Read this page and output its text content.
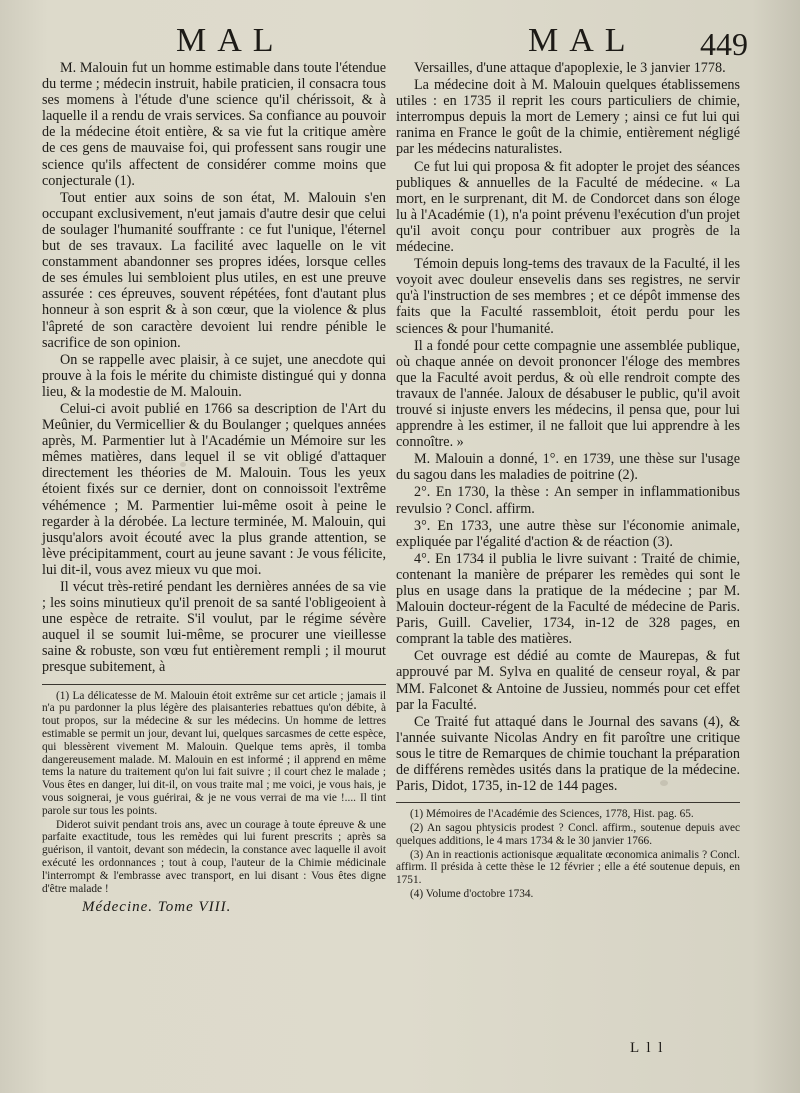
MAL	MAL 449

M. Malouin fut un homme estimable dans toute l'étendue du terme ; médecin instruit, habile praticien, il consacra tous ses momens à l'étude d'une science qu'il chérissoit, & à laquelle il a rendu de vrais services. Sa confiance au pouvoir de la médecine étoit entière, & sa vie fut la critique amère de ces gens de mauvaise foi, qui professent sans rougir une science qu'ils affectent de considérer comme moins que conjecturale (1).

Tout entier aux soins de son état, M. Malouin s'en occupant exclusivement, n'eut jamais d'autre desir que celui de soulager l'humanité souffrante : ce fut l'unique, l'éternel but de ses travaux. La facilité avec laquelle on le vit constamment abandonner ses propres idées, lorsque celles de ses émules lui sembloient plus utiles, en est une preuve assurée : ces épreuves, souvent répétées, font d'autant plus honneur à son esprit & à son cœur, que la violence & plus l'âpreté de son caractère devoient lui rendre pénible le sacrifice de son opinion.

On se rappelle avec plaisir, à ce sujet, une anecdote qui prouve à la fois le mérite du chimiste distingué qui y donna lieu, & la modestie de M. Malouin.

Celui-ci avoit publié en 1766 sa description de l'Art du Meûnier, du Vermicellier & du Boulanger ; quelques années après, M. Parmentier lut à l'Académie un Mémoire sur les mêmes matières, dans lequel il se vit obligé d'attaquer directement les théories de M. Malouin. Tous les yeux étoient fixés sur ce dernier, dont on connoissoit l'extrême véhémence ; M. Parmentier lui-même osoit à peine le regarder à la dérobée. La lecture terminée, M. Malouin, qui jusqu'alors avoit écouté avec la plus grande attention, se lève précipitamment, court au jeune savant : Je vous félicite, lui dit-il, vous avez mieux vu que moi.

Il vécut très-retiré pendant les dernières années de sa vie ; les soins minutieux qu'il prenoit de sa santé l'obligeoient à une espèce de retraite. S'il voulut, par le régime sévère auquel il se soumit lui-même, se procurer une vieillesse saine & robuste, son vœu fut entièrement rempli ; il mourut presque subitement, à

(1) La délicatesse de M. Malouin étoit extrême sur cet article ; jamais il n'a pu pardonner la plus légère des plaisanteries rebattues qu'on débite, à tout propos, sur la médecine & sur les médecins. Un homme de lettres estimable se permit un jour, devant lui, quelques sarcasmes de cette espèce, qui blessèrent vivement M. Malouin. Quelque tems après, il tomba dangereusement malade. M. Malouin en est informé ; il apprend en même tems la nature du traitement qu'on lui fait suivre ; il court chez le malade ; Vous êtes en danger, lui dit-il, on vous traite mal ; me voici, je vous hais, je vous soignerai, je vous guérirai, & je ne vous verrai de ma vie !.... Il tint parole sur tous les points.

Diderot suivit pendant trois ans, avec un courage à toute épreuve & une parfaite exactitude, tous les remèdes qui lui furent prescrits ; après sa guérison, il vantoit, devant son médecin, la constance avec laquelle il avoit exécuté les ordonnances ; tout à coup, l'auteur de la Chimie médicinale l'interrompt & l'embrasse avec transport, en lui disant : Vous êtes digne d'être malade !

Médecine. Tome VIII.

Versailles, d'une attaque d'apoplexie, le 3 janvier 1778.

La médecine doit à M. Malouin quelques établissemens utiles : en 1735 il reprit les cours particuliers de chimie, interrompus depuis la mort de Lemery ; ainsi ce fut lui qui ranima en France le goût de la chimie, entièrement négligé par les médecins naturalistes.

Ce fut lui qui proposa & fit adopter le projet des séances publiques & annuelles de la Faculté de médecine. « La mort, en le surprenant, dit M. de Condorcet dans son éloge lu à l'Académie (1), n'a point prévenu l'exécution d'un projet qu'il avoit conçu pour contribuer aux progrès de la médecine.

Témoin depuis long-tems des travaux de la Faculté, il les voyoit avec douleur ensevelis dans ses registres, ne servir qu'à l'instruction de ses membres ; et ce dépôt immense des faits que la Faculté rassembloit, étoit perdu pour les sciences & pour l'humanité.

Il a fondé pour cette compagnie une assemblée publique, où chaque année on devoit prononcer l'éloge des membres que la Faculté avoit perdus, & où elle rendroit compte des travaux de l'année. Jaloux de désabuser le public, qu'il avoit trouvé si injuste envers les médecins, il pensa que, pour lui apprendre à les estimer, il ne falloit que lui apprendre à les connoître. »

M. Malouin a donné, 1°. en 1739, une thèse sur l'usage du sagou dans les maladies de poitrine (2).

2°. En 1730, la thèse : An semper in inflammationibus revulsio ? Concl. affirm.

3°. En 1733, une autre thèse sur l'économie animale, expliquée par l'égalité d'action & de réaction (3).

4°. En 1734 il publia le livre suivant : Traité de chimie, contenant la manière de préparer les remèdes qui sont le plus en usage dans la pratique de la médecine ; par M. Malouin docteur-régent de la Faculté de médecine de Paris. Paris, Guill. Cavelier, 1734, in-12 de 328 pages, en comprant la table des matières.

Cet ouvrage est dédié au comte de Maurepas, & fut approuvé par M. Sylva en qualité de censeur royal, & par MM. Falconet & Antoine de Jussieu, nommés pour cet effet par la Faculté.

Ce Traité fut attaqué dans le Journal des savans (4), & l'année suivante Nicolas Andry en fit paroître une critique sous le titre de Remarques de chimie touchant la préparation de différens remèdes usités dans la pratique de la médecine. Paris, Didot, 1735, in-12 de 144 pages.

(1) Mémoires de l'Académie des Sciences, 1778, Hist. pag. 65.

(2) An sagou phtysicis prodest ? Concl. affirm., soutenue depuis avec quelques additions, le 4 mars 1734 & le 30 janvier 1766.

(3) An in reactionis actionisque æqualitate œconomica animalis ? Concl. affirm. Il présida à cette thèse le 12 février ; elle a été soutenue depuis, en 1751.

(4) Volume d'octobre 1734.

L l l
